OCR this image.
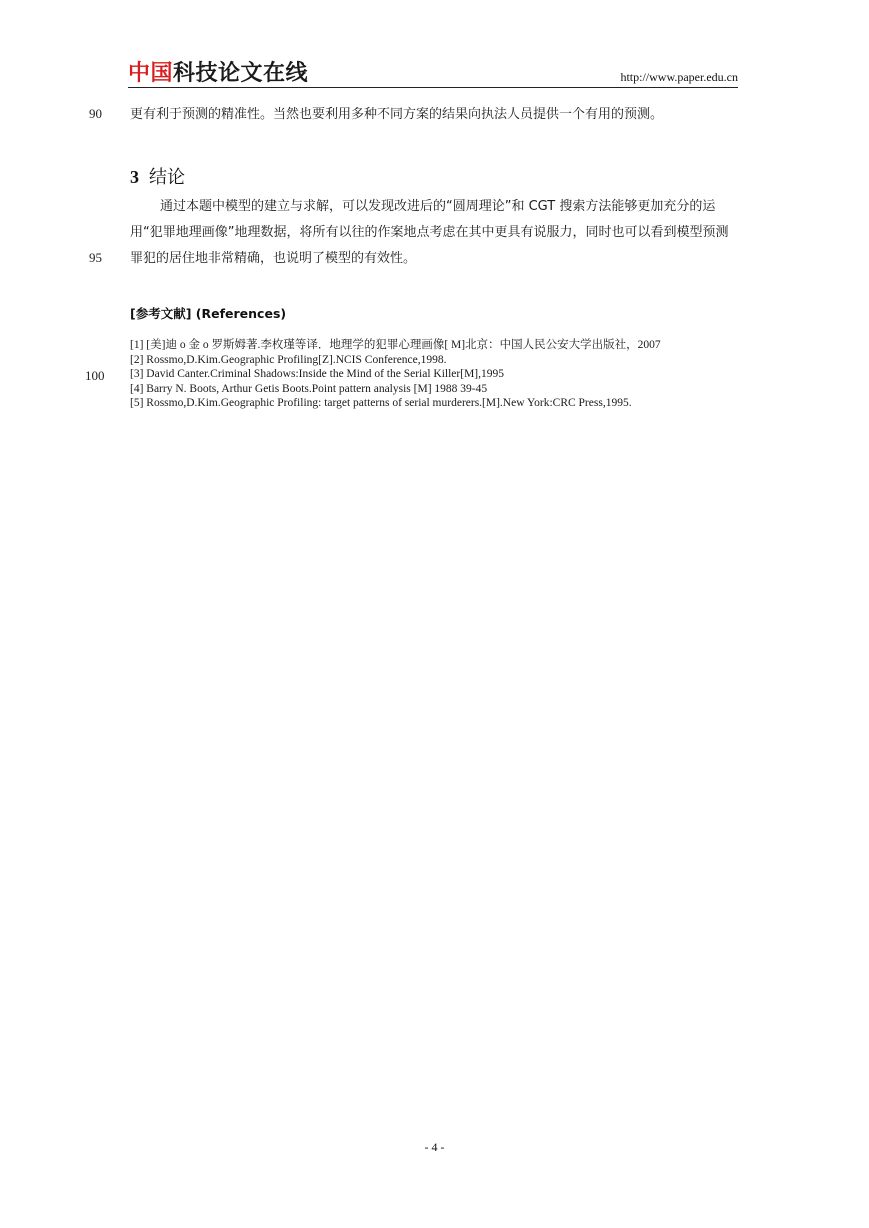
中国科技论文在线	http://www.paper.edu.cn
90
95
100
更有利于预测的精准性。当然也要利用多种不同方案的结果向执法人员提供一个有用的预测。
3 结论
通过本题中模型的建立与求解，可以发现改进后的“圆周理论”和 CGT 搜索方法能够更加充分的运用“犯罪地理画像”地理数据，将所有以往的作案地点考虑在其中更具有说服力，同时也可以看到模型预测罪犯的居住地非常精确，也说明了模型的有效性。
[参考文献] (References)
[1] [美]迪 o 金 o 罗斯姆著.李枚瑾等译．地理学的犯罪心理画像[ M]北京：中国人民公安大学出版社，2007
[2] Rossmo,D.Kim.Geographic Profiling[Z].NCIS Conference,1998.
[3] David Canter.Criminal Shadows:Inside the Mind of the Serial Killer[M],1995
[4] Barry N. Boots, Arthur Getis Boots.Point pattern analysis [M] 1988 39-45
[5] Rossmo,D.Kim.Geographic Profiling: target patterns of serial murderers.[M].New York:CRC Press,1995.
- 4 -
